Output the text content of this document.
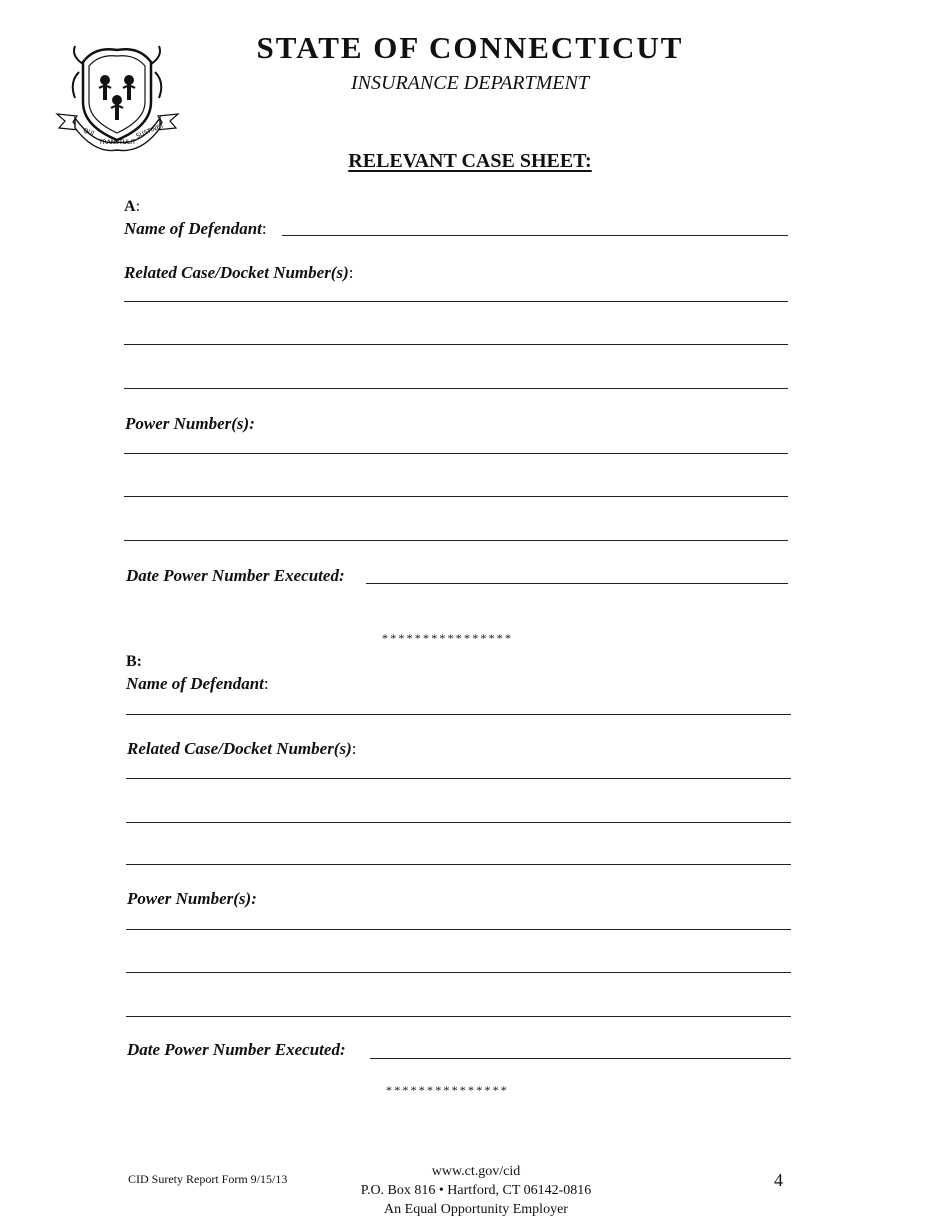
QUI
TRANSTULIT
SUSTINET
STATE OF CONNECTICUT
INSURANCE DEPARTMENT
RELEVANT CASE SHEET:
A:
Name of Defendant:
Related Case/Docket Number(s):
Power Number(s):
Date Power Number Executed:
****************
B:
Name of Defendant:
Related Case/Docket Number(s):
Power Number(s):
Date Power Number Executed:
***************
CID Surety Report Form 9/15/13	www.ct.gov/cid
P.O. Box 816 • Hartford, CT 06142-0816
An Equal Opportunity Employer
4
